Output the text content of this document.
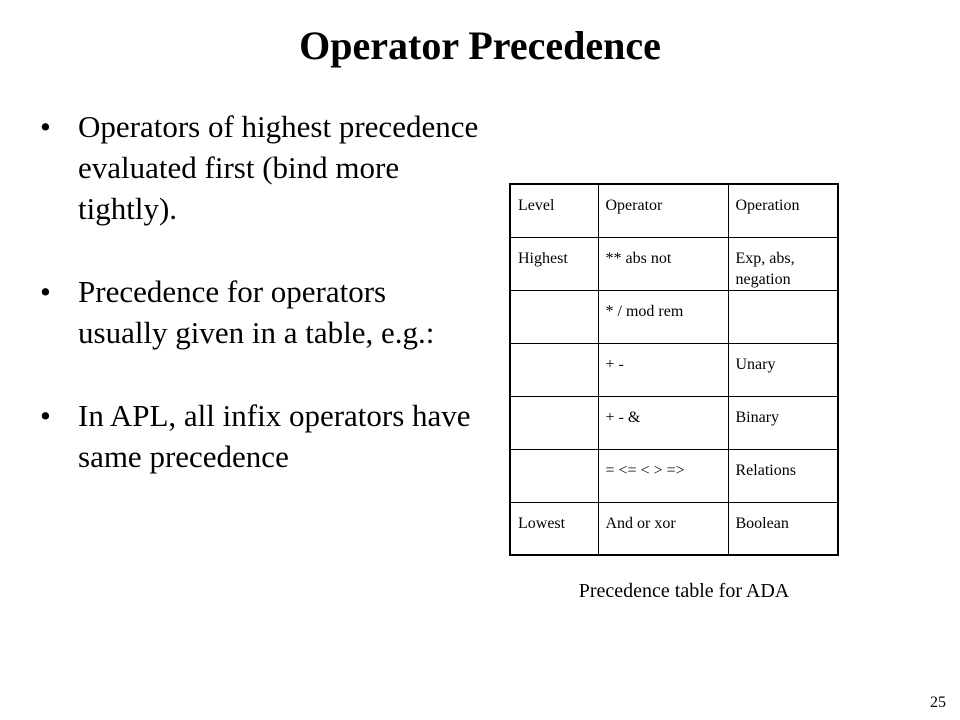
Operator Precedence
• Operators of highest precedence evaluated first (bind more tightly).
• Precedence for operators usually given in a table, e.g.:
• In APL, all infix operators have same precedence
Level	Operator	Operation
Highest	** abs not	Exp, abs, negation
	* / mod rem	
	+ -	Unary
	+ - &	Binary
	= <= < > =>	Relations
Lowest	And or xor	Boolean
Precedence table for ADA
25
